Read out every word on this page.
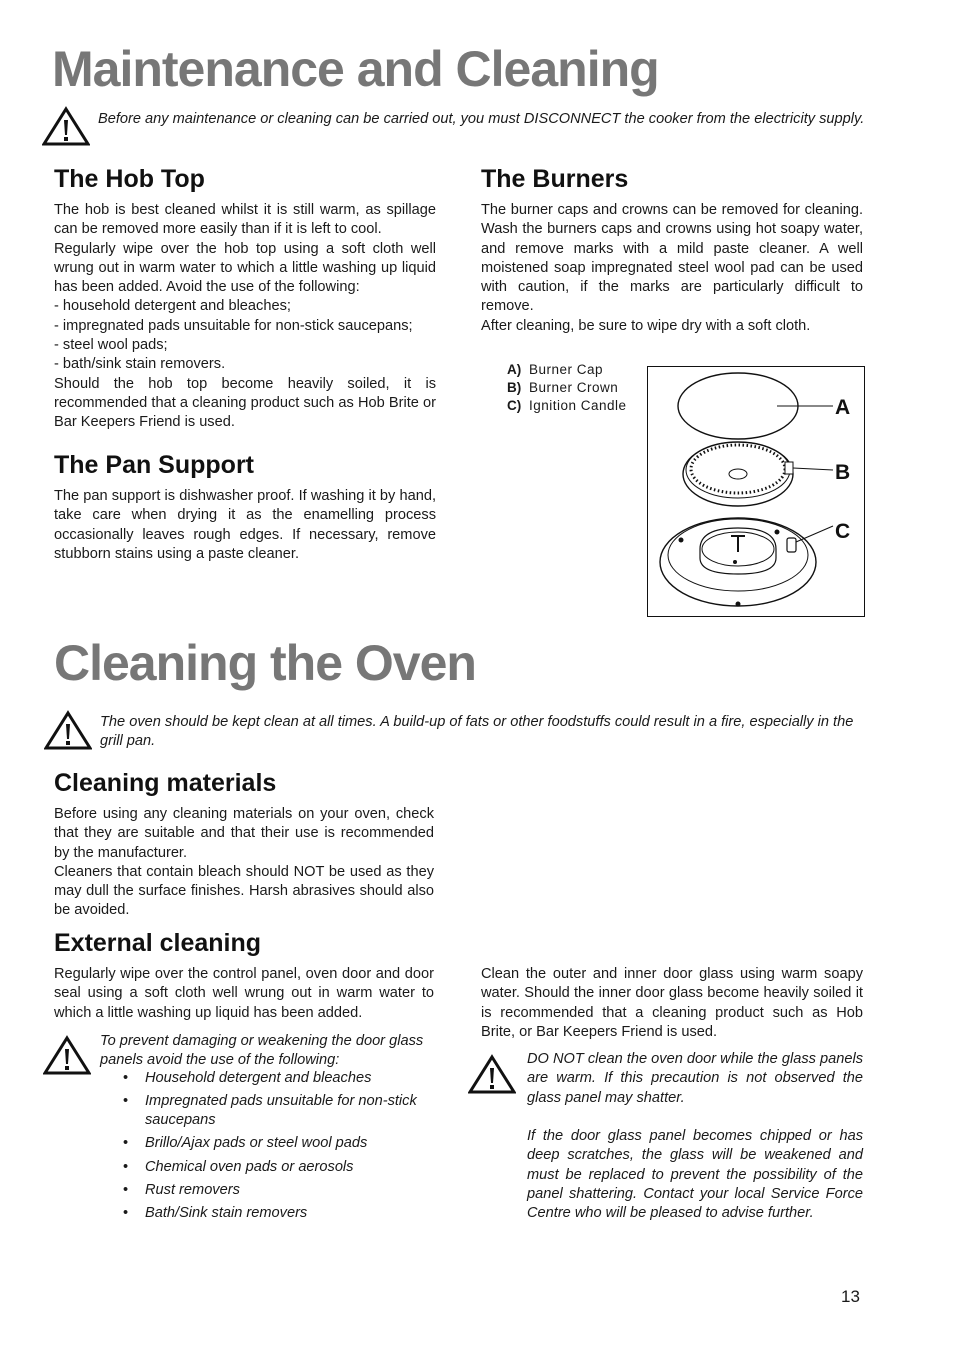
Maintenance and Cleaning
Before any maintenance or cleaning can be carried out, you must DISCONNECT the cooker from the electricity supply.
The Hob Top

The hob is best cleaned whilst it is still warm, as spillage can be removed more easily than if it is left to cool.

Regularly wipe over the hob top using a soft cloth well wrung out in warm water to which a little washing up liquid has been added. Avoid the use of the following:

- household detergent and bleaches;

- impregnated pads unsuitable for non-stick saucepans;

- steel wool pads;

- bath/sink stain removers.

Should the hob top become heavily soiled, it is recommended that a cleaning product such as Hob Brite or Bar Keepers Friend is used.

The Burners

The burner caps and crowns can be removed for cleaning. Wash the burners caps and crowns using hot soapy water, and remove marks with a mild paste cleaner. A well moistened soap impregnated steel wool pad can be used with caution, if the marks are particularly difficult to remove.

After cleaning, be sure to wipe dry with a soft cloth.

A) Burner Cap
B) Burner Crown
C) Ignition Candle	A
B
C
The Pan Support
The pan support is dishwasher proof. If washing it by hand, take care when drying it as the enamelling process occasionally leaves rough edges. If necessary, remove stubborn stains using a paste cleaner.
Cleaning the Oven
The oven should be kept clean at all times. A build-up of fats or other foodstuffs could result in a fire, especially in the grill pan.
Cleaning materials

Before using any cleaning materials on your oven, check that they are suitable and that their use is recommended by the manufacturer.

Cleaners that contain bleach should NOT be used as they may dull the surface finishes. Harsh abrasives should also be avoided.

External cleaning
Regularly wipe over the control panel, oven door and door seal using a soft cloth well wrung out in warm water to which a little washing up liquid has been added.
To prevent damaging or weakening the door glass panels avoid the use of the following:
• Household detergent and bleaches
• Impregnated pads unsuitable for non-stick saucepans
• Brillo/Ajax pads or steel wool pads
• Chemical oven pads or aerosols
• Rust removers
• Bath/Sink stain removers
Clean the outer and inner door glass using warm soapy water. Should the inner door glass become heavily soiled it is recommended that a cleaning product such as Hob Brite, or Bar Keepers Friend is used.

DO NOT clean the oven door while the glass panels are warm. If this precaution is not observed the glass panel may shatter.

If the door glass panel becomes chipped or has deep scratches, the glass will be weakened and must be replaced to prevent the possibility of the panel shattering. Contact your local Service Force Centre who will be pleased to advise further.

13
